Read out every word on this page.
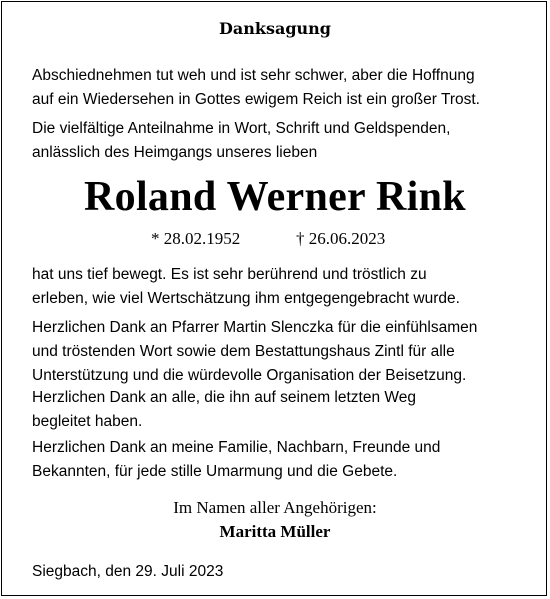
Danksagung
Abschiednehmen tut weh und ist sehr schwer, aber die Hoffnung
auf ein Wiedersehen in Gottes ewigem Reich ist ein großer Trost.
Die vielfältige Anteilnahme in Wort, Schrift und Geldspenden,
anlässlich des Heimgangs unseres lieben
Roland Werner Rink
* 28.02.1952	† 26.06.2023
hat uns tief bewegt. Es ist sehr berührend und tröstlich zu
erleben, wie viel Wertschätzung ihm entgegengebracht wurde.
Herzlichen Dank an Pfarrer Martin Slenczka für die einfühlsamen
und tröstenden Wort sowie dem Bestattungshaus Zintl für alle
Unterstützung und die würdevolle Organisation der Beisetzung.
Herzlichen Dank an alle, die ihn auf seinem letzten Weg
begleitet haben.
Herzlichen Dank an meine Familie, Nachbarn, Freunde und
Bekannten, für jede stille Umarmung und die Gebete.
Im Namen aller Angehörigen:
Maritta Müller
Siegbach, den 29. Juli 2023
